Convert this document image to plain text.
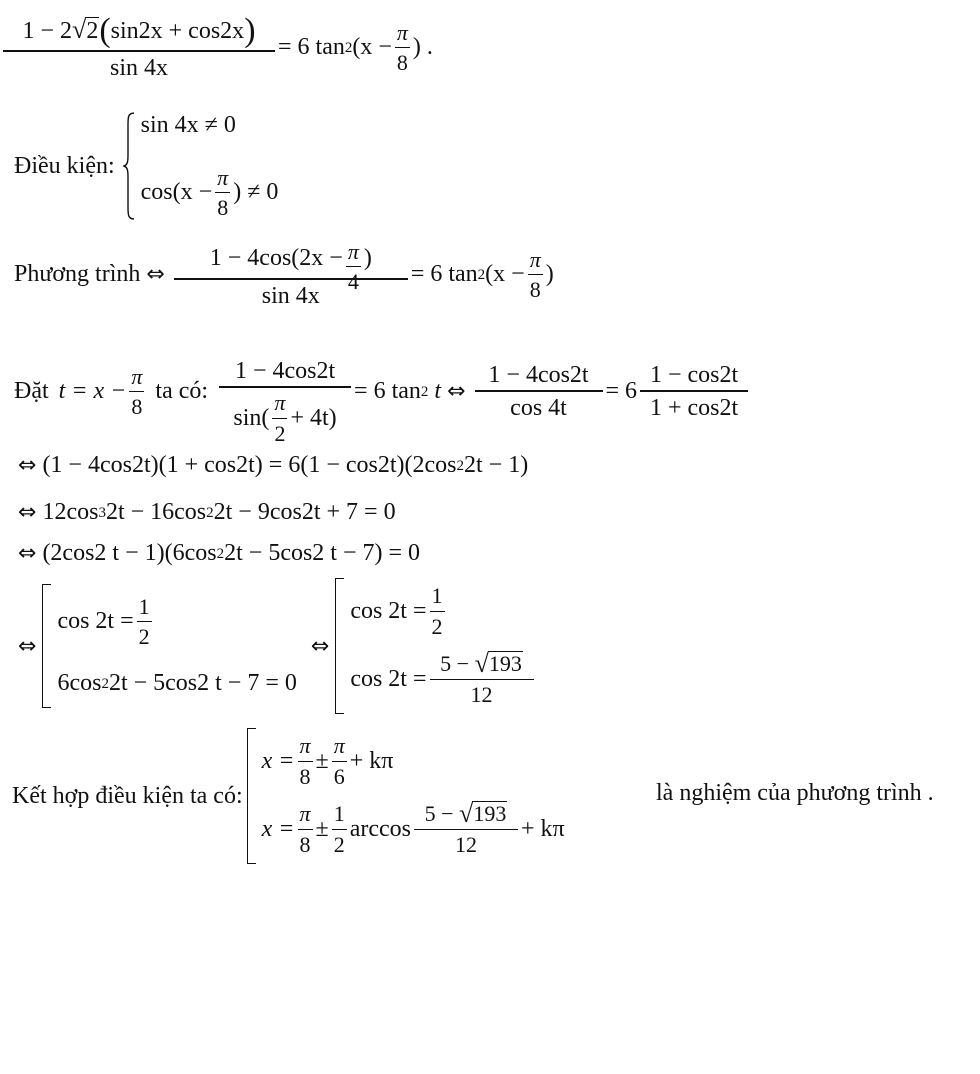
$\frac{1 - 2 √ 2 ( \sin 2x + \cos 2x )}{\sin 4x} = 6$ tan 2 ($x - \frac{\pi}{8}$ ) .
Điều kiện:
sin 4x ≠ 0
$\cos(x - \frac{\pi}{8}$ ) ≠ 0
Phương trình ⇔ $\frac{1 - 4\cos(2x - \frac{\pi}{4} )}{\sin 4x} = 6$ tan 2 ($x - \frac{\pi}{8}$ )
Đặt $t = x - \frac{\pi}{8}$ ta có: $\frac{1 - 4\cos 2t}{\sin( \frac{\pi}{2} + 4t)} = 6$ tan 2
t ⇔ $\frac{1 - 4\cos 2t}{\cos 4t} = 6 \frac{1 - \cos 2t}{1 + \cos 2t}$
⇔ (1 − 4cos2t)(1 + cos2t) = 6(1 − cos2t)(2cos 2 2t − 1)
⇔ 12cos 3 2t − 16cos 2 2t − 9cos2t + 7 = 0
⇔ (2cos2 t − 1)(6cos 2 2t − 5cos2 t − 7) = 0
⇔
$\cos 2t = \frac{1}{2}$
6cos 2 2t − 5cos2 t − 7 = 0
⇔
$\cos 2t = \frac{1}{2}$
cos 2t = 5 −
√ 193
12
Kết hợp điều kiện ta có:
$x = \frac{\pi}{8} \pm \frac{\pi}{6} + k\pi$
$x = \frac{\pi}{8} \pm \frac{1}{2}$ arccos 5 −
√ 193
12 + kπ
là nghiệm của phương trình .
